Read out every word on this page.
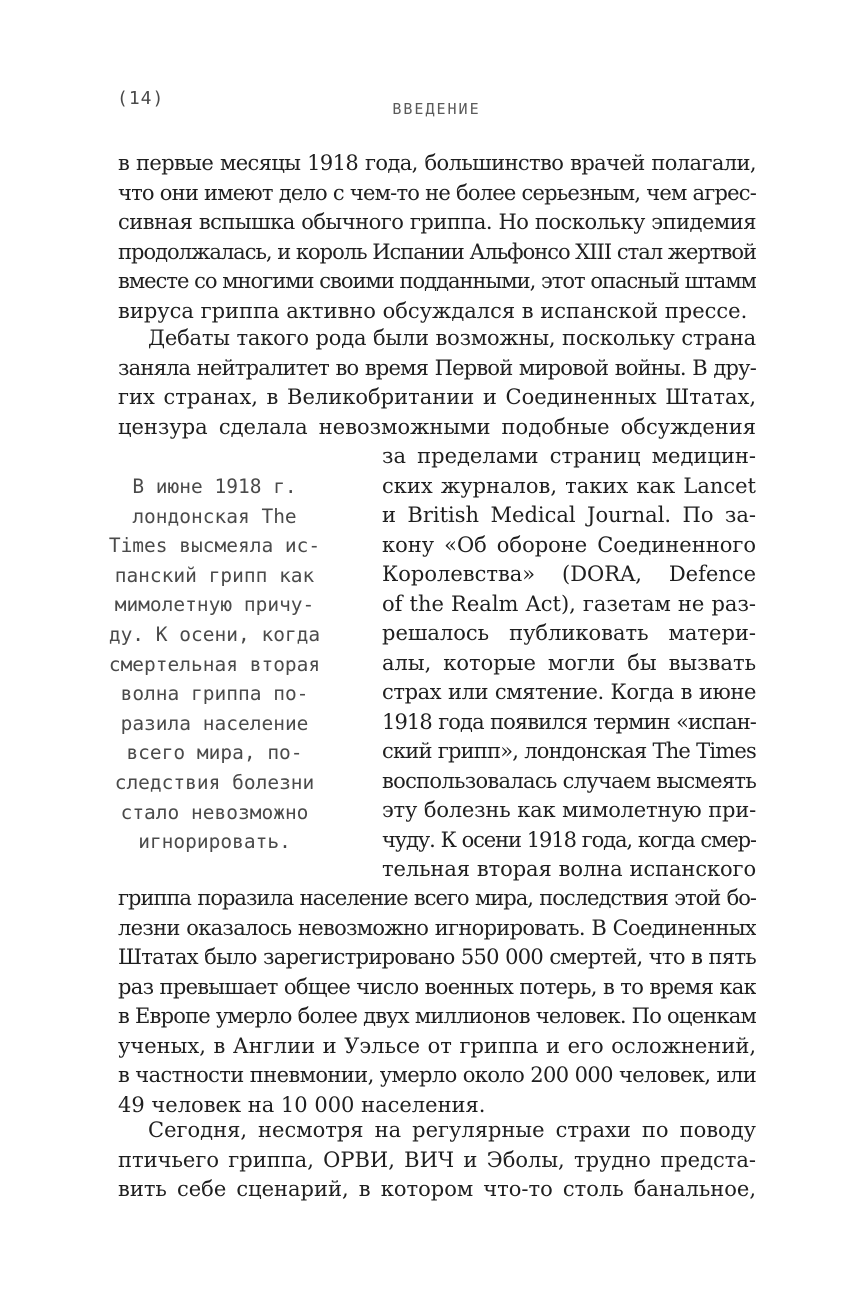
(14)	ВВЕДЕНИЕ
в первые месяцы 1918 года, большинство врачей полагали,
что они имеют дело с чем-то не более серьезным, чем агрес-
сивная вспышка обычного гриппа. Но поскольку эпидемия
продолжалась, и король Испании Альфонсо XIII стал жертвой
вместе со многими своими подданными, этот опасный штамм
вируса гриппа активно обсуждался в испанской прессе.
Дебаты такого рода были возможны, поскольку страна
заняла нейтралитет во время Первой мировой войны. В дру-
гих странах, в Великобритании и Соединенных Штатах,
цензура сделала невозможными подобные обсуждения
за пределами страниц медицин-
ских журналов, таких как Lancet
и British Medical Journal. По за-
кону «Об обороне Соединенного
Королевства» (DORA, Defence
of the Realm Act), газетам не раз-
решалось публиковать матери-
алы, которые могли бы вызвать
страх или смятение. Когда в июне
1918 года появился термин «испан-
ский грипп», лондонская The Times
воспользовалась случаем высмеять
эту болезнь как мимолетную при-
чуду. К осени 1918 года, когда смер-
тельная вторая волна испанского
В июне 1918 г.
лондонская The
Times высмеяла ис-
панский грипп как
мимолетную причу-
ду. К осени, когда
смертельная вторая
волна гриппа по-
разила население
всего мира, по-
следствия болезни
стало невозможно
игнорировать.
гриппа поразила население всего мира, последствия этой бо-
лезни оказалось невозможно игнорировать. В Соединенных
Штатах было зарегистрировано 550 000 смертей, что в пять
раз превышает общее число военных потерь, в то время как
в Европе умерло более двух миллионов человек. По оценкам
ученых, в Англии и Уэльсе от гриппа и его осложнений,
в частности пневмонии, умерло около 200 000 человек, или
49 человек на 10 000 населения.
Сегодня, несмотря на регулярные страхи по поводу
птичьего гриппа, ОРВИ, ВИЧ и Эболы, трудно предста-
вить себе сценарий, в котором что-то столь банальное,
